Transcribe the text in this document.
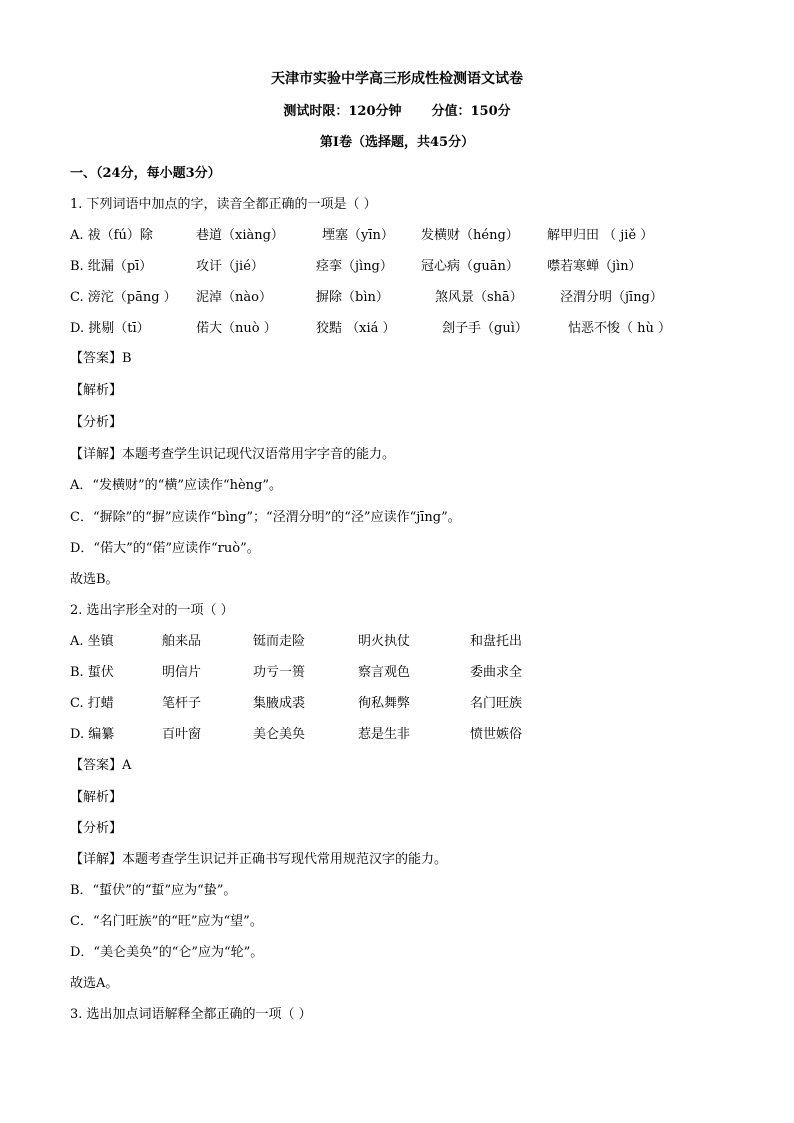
天津市实验中学高三形成性检测语文试卷
测试时限：120分钟 分值：150分
第Ⅰ卷（选择题，共45分）
一、（24分，每小题3分）
1. 下列词语中加点的字，读音全都正确的一项是（ ）
A. 祓（fú）除	巷道（xiàng）	堙塞（yīn） 发横财（héng） 解甲归田 （ jiě ）
B. 纰漏（pī）	攻讦（jié）	痉挛（jìng） 冠心病（guān） 噤若寒蝉（jìn）
C. 滂沱（pāng ） 泥淖（nào）	摒除（bìn）	煞风景（shā）	泾渭分明（jīng）
D. 挑剔（tī）	偌大（nuò ）	狡黠 （xiá ）	刽子手（guì）	怙恶不悛（ hù ）
【答案】B
【解析】
【分析】
【详解】本题考查学生识记现代汉语常用字字音的能力。
A．“发横财”的“横”应读作“hèng”。
C．“摒除”的“摒”应读作“bìng”；“泾渭分明”的“泾”应读作“jīng”。
D．“偌大”的“偌”应读作“ruò”。
故选B。
2. 选出字形全对的一项（ ）
A. 坐镇	舶来品	铤而走险	明火执仗	和盘托出
B. 蜇伏	明信片	功亏一篑	察言观色	委曲求全
C. 打蜡	笔杆子	集腋成裘	徇私舞弊	名门旺族
D. 编纂	百叶窗	美仑美奂	惹是生非	愤世嫉俗
【答案】A
【解析】
【分析】
【详解】本题考查学生识记并正确书写现代常用规范汉字的能力。
B．“蜇伏”的“蜇”应为“蛰”。
C．“名门旺族”的“旺”应为“望”。
D．“美仑美奂”的“仑”应为“轮”。
故选A。
3. 选出加点词语解释全都正确的一项（ ）
